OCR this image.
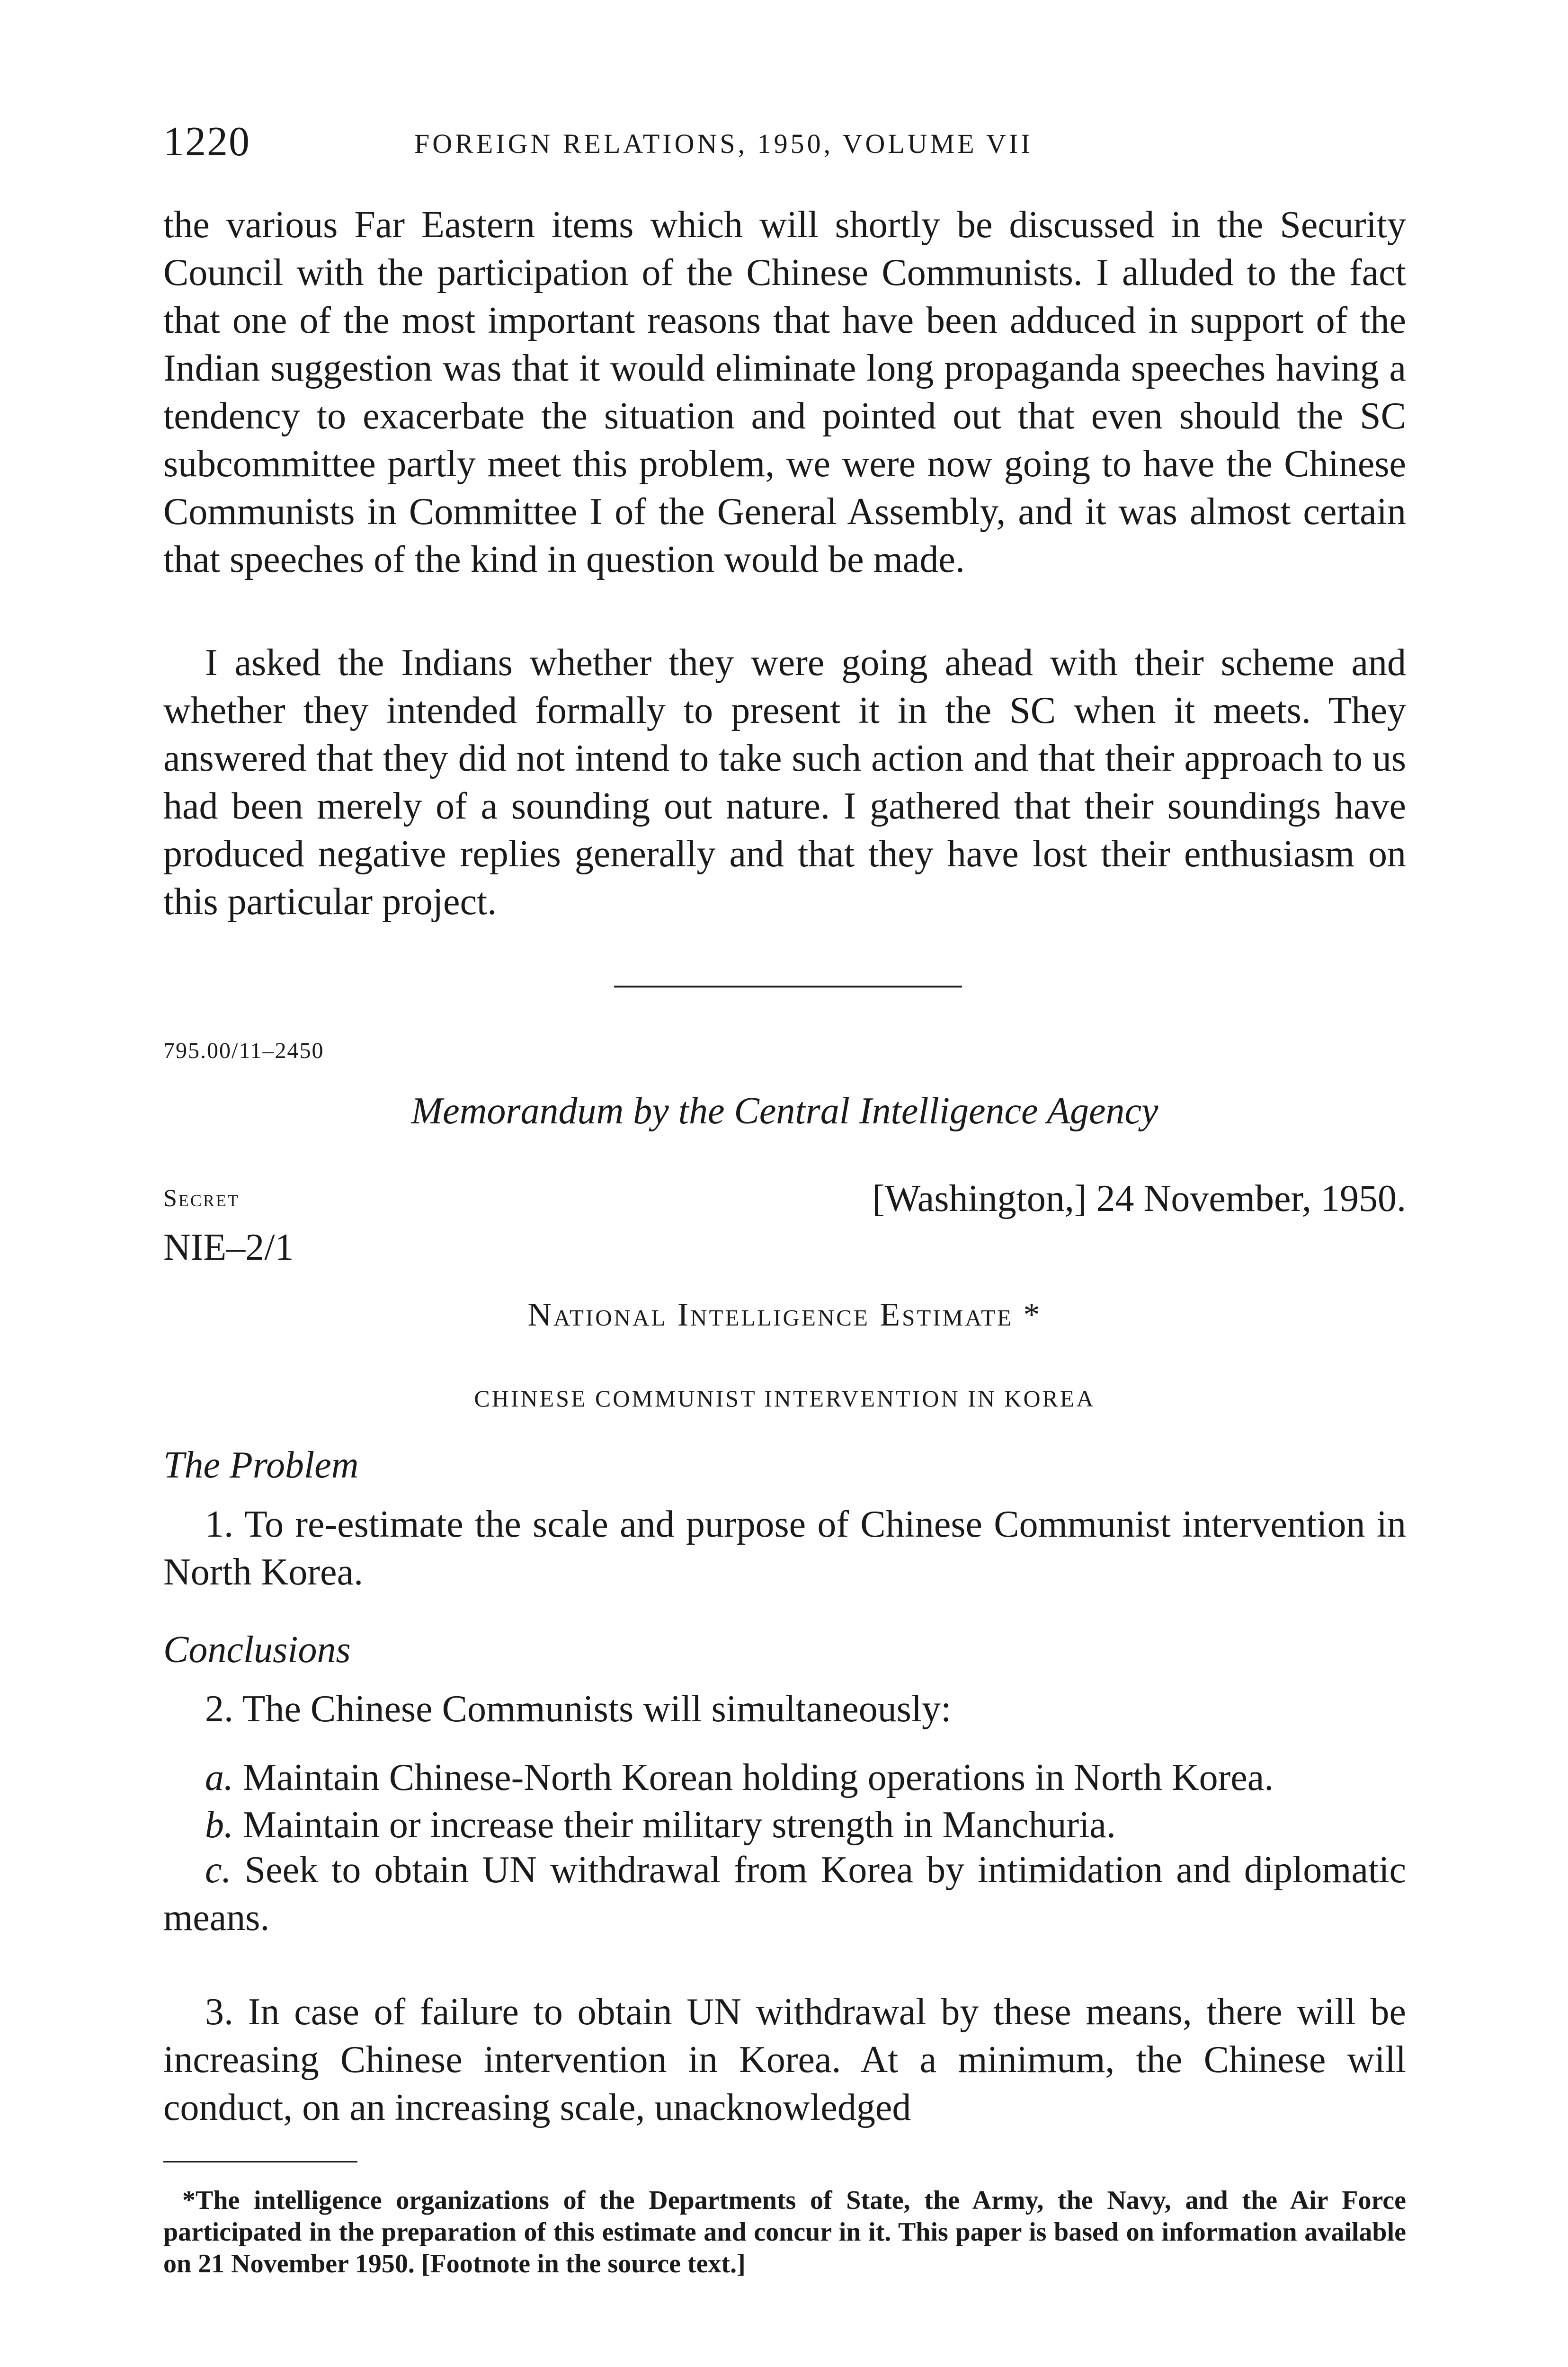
1220	FOREIGN RELATIONS, 1950, VOLUME VII

the various Far Eastern items which will shortly be discussed in the Security Council with the participation of the Chinese Communists. I alluded to the fact that one of the most important reasons that have been adduced in support of the Indian suggestion was that it would eliminate long propaganda speeches having a tendency to exacerbate the situation and pointed out that even should the SC subcommittee partly meet this problem, we were now going to have the Chinese Communists in Committee I of the General Assembly, and it was almost certain that speeches of the kind in question would be made.

I asked the Indians whether they were going ahead with their scheme and whether they intended formally to present it in the SC when it meets. They answered that they did not intend to take such action and that their approach to us had been merely of a sounding out nature. I gathered that their soundings have produced negative replies generally and that they have lost their enthusiasm on this particular project.

795.00/11–2450
Memorandum by the Central Intelligence Agency
Secret	[Washington,] 24 November, 1950.
NIE–2/1
National Intelligence Estimate *
CHINESE COMMUNIST INTERVENTION IN KOREA
The Problem

1. To re-estimate the scale and purpose of Chinese Communist intervention in North Korea.

Conclusions

2. The Chinese Communists will simultaneously:

a. Maintain Chinese-North Korean holding operations in North Korea.

b. Maintain or increase their military strength in Manchuria.

c. Seek to obtain UN withdrawal from Korea by intimidation and diplomatic means.

3. In case of failure to obtain UN withdrawal by these means, there will be increasing Chinese intervention in Korea. At a minimum, the Chinese will conduct, on an increasing scale, unacknowledged

*The intelligence organizations of the Departments of State, the Army, the Navy, and the Air Force participated in the preparation of this estimate and concur in it. This paper is based on information available on 21 November 1950. [Footnote in the source text.]
